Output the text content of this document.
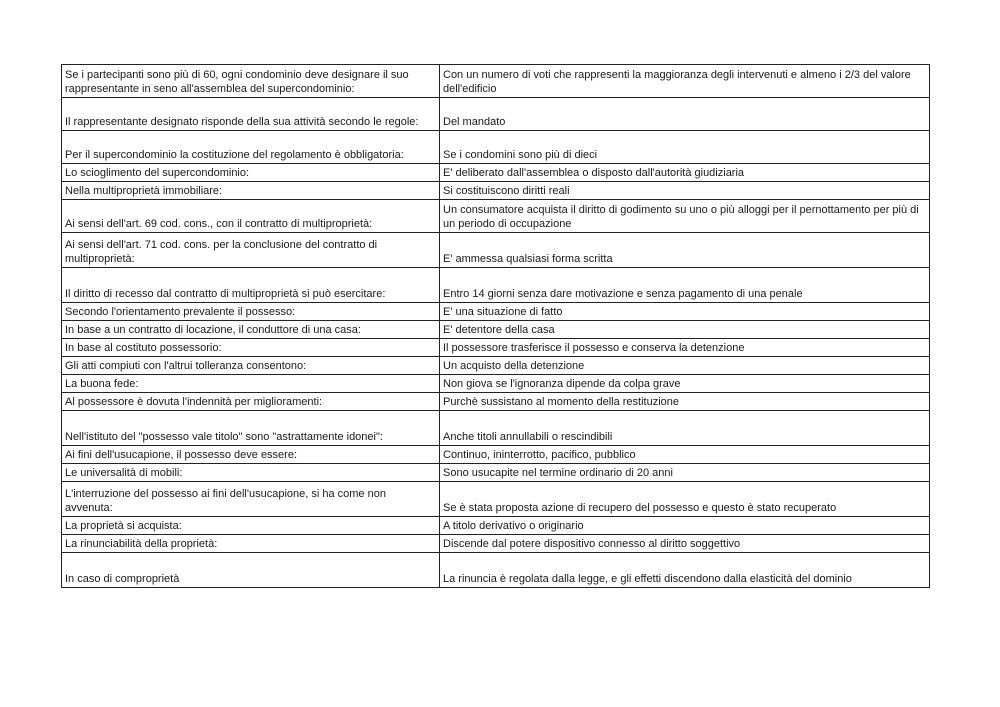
Se i partecipanti sono più di 60, ogni condominio deve designare il suo rappresentante in seno all'assemblea del supercondominio:	Con un numero di voti che rappresenti la maggioranza degli intervenuti e almeno i 2/3 del valore dell'edificio
Il rappresentante designato risponde della sua attività secondo le regole:	Del mandato
Per il supercondominio la costituzione del regolamento è obbligatoria:	Se i condomini sono più di dieci
Lo scioglimento del supercondominio:	E' deliberato dall'assemblea o disposto dall'autorità giudiziaria
Nella multiproprietà immobiliare:	Si costituiscono diritti reali
Ai sensi dell'art. 69 cod. cons., con il contratto di multiproprietà:	Un consumatore acquista il diritto di godimento su uno o più alloggi per il pernottamento per più di un periodo di occupazione
Ai sensi dell'art. 71 cod. cons. per la conclusione del contratto di multiproprietà:	E' ammessa qualsiasi forma scritta
Il diritto di recesso dal contratto di multiproprietà si può esercitare:	Entro 14 giorni senza dare motivazione e senza pagamento di una penale
Secondo l'orientamento prevalente il possesso:	E' una situazione di fatto
In base a un contratto di locazione, il conduttore di una casa:	E' detentore della casa
In base al costituto possessorio:	Il possessore trasferisce il possesso e conserva la detenzione
Gli atti compiuti con l'altrui tolleranza consentono:	Un acquisto della detenzione
La buona fede:	Non giova se l'ignoranza dipende da colpa grave
Al possessore è dovuta l'indennità per miglioramenti:	Purchè sussistano al momento della restituzione
Nell'istituto del "possesso vale titolo" sono "astrattamente idonei":	Anche titoli annullabili o rescindibili
Ai fini dell'usucapione, il possesso deve essere:	Continuo, ininterrotto, pacifico, pubblico
Le universalità di mobili:	Sono usucapite nel termine ordinario di 20 anni
L'interruzione del possesso ai fini dell'usucapione, si ha come non avvenuta:	Se è stata proposta azione di recupero del possesso e questo è stato recuperato
La proprietà si acquista:	A titolo derivativo o originario
La rinunciabilità della proprietà:	Discende dal potere dispositivo connesso al diritto soggettivo
In caso di comproprietà	La rinuncia è regolata dalla legge, e gli effetti discendono dalla elasticità del dominio
